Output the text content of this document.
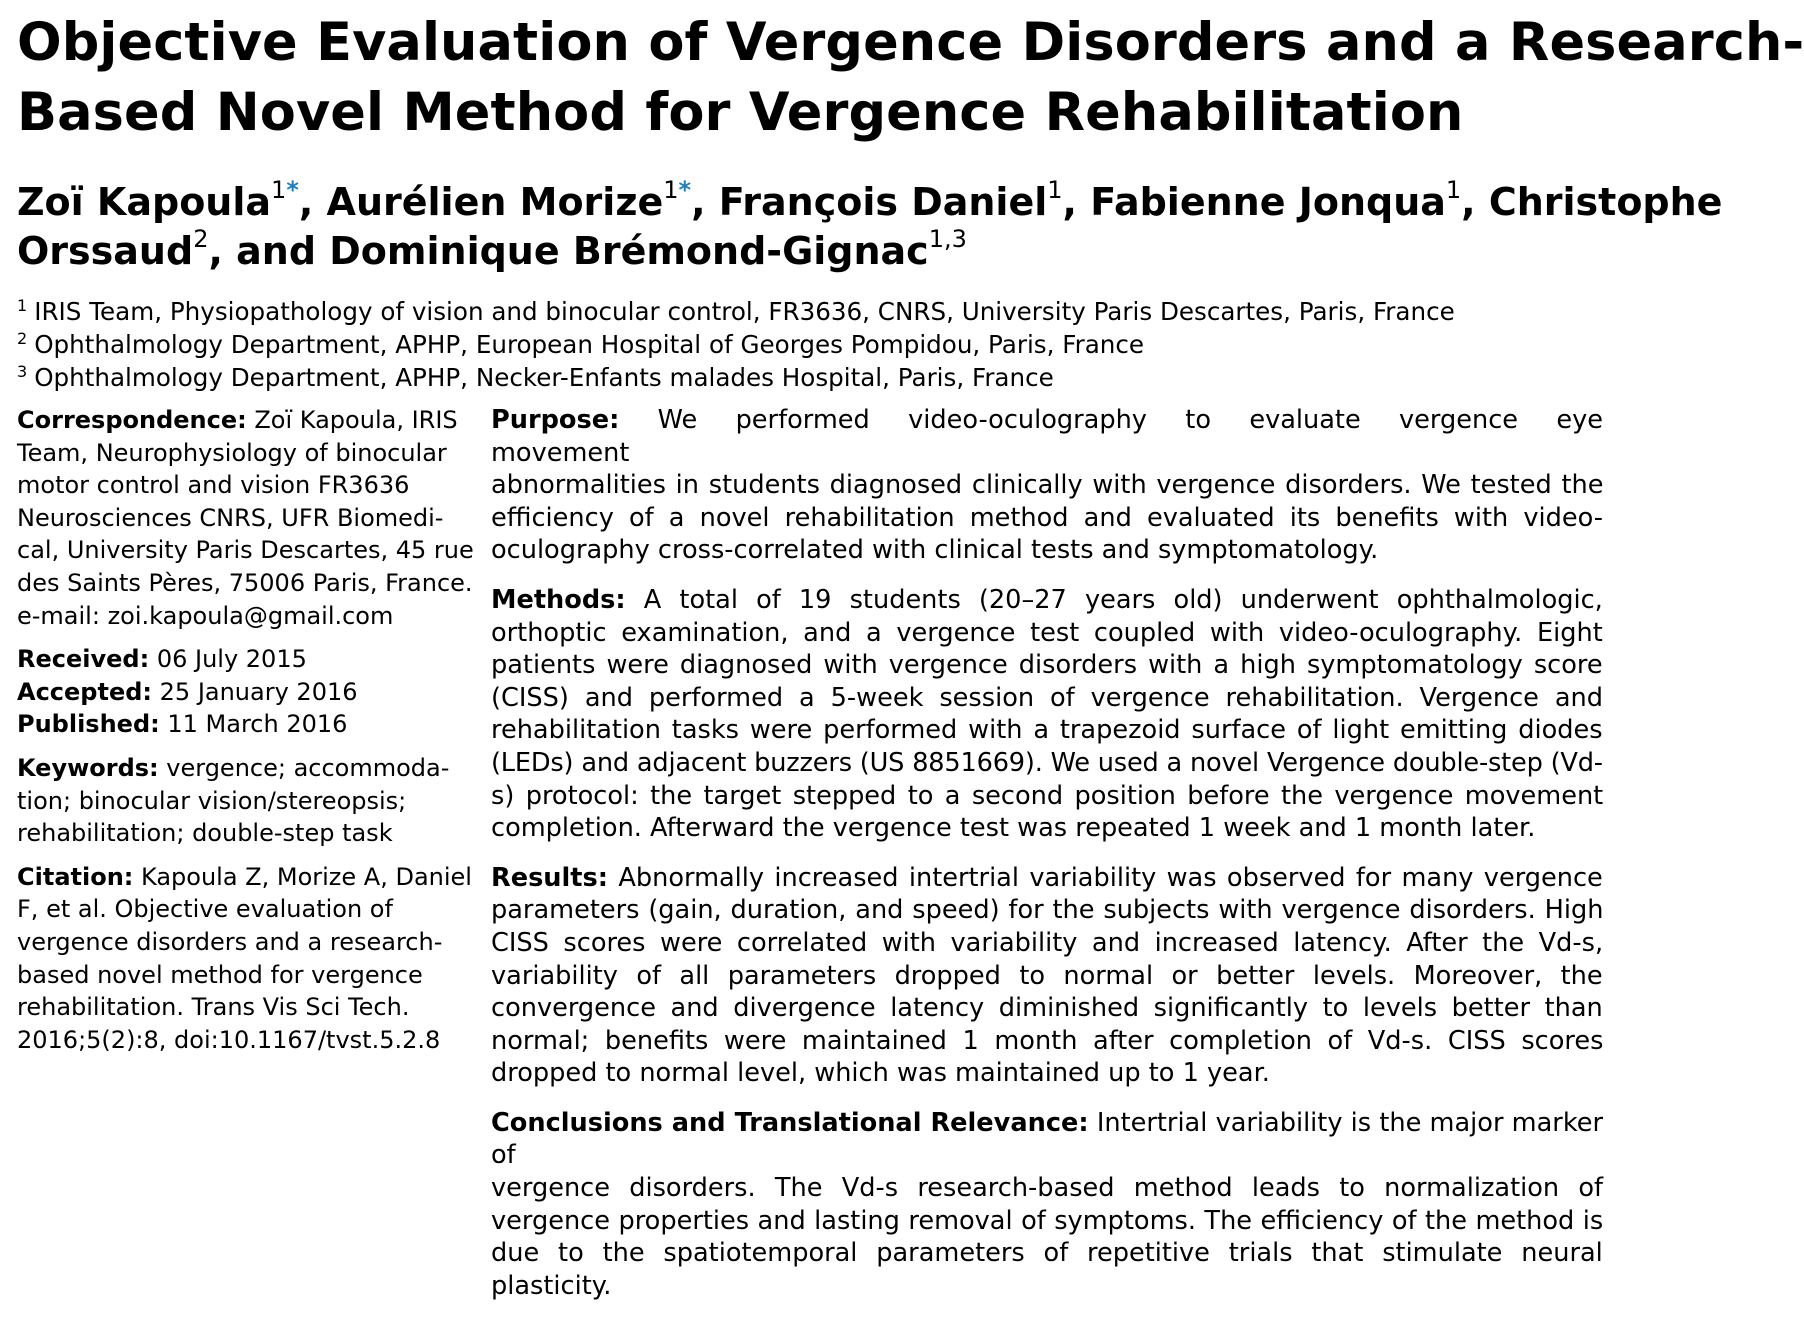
Objective Evaluation of Vergence Disorders and a Research-
Based Novel Method for Vergence Rehabilitation
Zoï Kapoula$^{1*}$, Aurélien Morize$^{1*}$, François Daniel$^1$, Fabienne Jonqua$^1$, Christophe
Orssaud$^2$, and Dominique Brémond-Gignac$^{1,3}$
$^1$ IRIS Team, Physiopathology of vision and binocular control, FR3636, CNRS, University Paris Descartes, Paris, France
$^2$ Ophthalmology Department, APHP, European Hospital of Georges Pompidou, Paris, France
$^3$ Ophthalmology Department, APHP, Necker-Enfants malades Hospital, Paris, France
Correspondence: Zoï Kapoula, IRIS
Team, Neurophysiology of binocular
motor control and vision FR3636
Neurosciences CNRS, UFR Biomedi-
cal, University Paris Descartes, 45 rue
des Saints Pères, 75006 Paris, France.
e-mail: zoi.kapoula@gmail.com
Received: 06 July 2015
Accepted: 25 January 2016
Published: 11 March 2016
Keywords: vergence; accommoda-
tion; binocular vision/stereopsis;
rehabilitation; double-step task
Citation: Kapoula Z, Morize A, Daniel
F, et al. Objective evaluation of
vergence disorders and a research-
based novel method for vergence
rehabilitation. Trans Vis Sci Tech.
2016;5(2):8, doi:10.1167/tvst.5.2.8
Purpose: We performed video-oculography to evaluate vergence eye movement
abnormalities in students diagnosed clinically with vergence disorders. We tested the
efficiency of a novel rehabilitation method and evaluated its benefits with video-
oculography cross-correlated with clinical tests and symptomatology.
Methods: A total of 19 students (20–27 years old) underwent ophthalmologic,
orthoptic examination, and a vergence test coupled with video-oculography. Eight
patients were diagnosed with vergence disorders with a high symptomatology score
(CISS) and performed a 5-week session of vergence rehabilitation. Vergence and
rehabilitation tasks were performed with a trapezoid surface of light emitting diodes
(LEDs) and adjacent buzzers (US 8851669). We used a novel Vergence double-step (Vd-
s) protocol: the target stepped to a second position before the vergence movement
completion. Afterward the vergence test was repeated 1 week and 1 month later.
Results: Abnormally increased intertrial variability was observed for many vergence
parameters (gain, duration, and speed) for the subjects with vergence disorders. High
CISS scores were correlated with variability and increased latency. After the Vd-s,
variability of all parameters dropped to normal or better levels. Moreover, the
convergence and divergence latency diminished significantly to levels better than
normal; benefits were maintained 1 month after completion of Vd-s. CISS scores
dropped to normal level, which was maintained up to 1 year.
Conclusions and Translational Relevance: Intertrial variability is the major marker of
vergence disorders. The Vd-s research-based method leads to normalization of
vergence properties and lasting removal of symptoms. The efficiency of the method is
due to the spatiotemporal parameters of repetitive trials that stimulate neural
plasticity.
